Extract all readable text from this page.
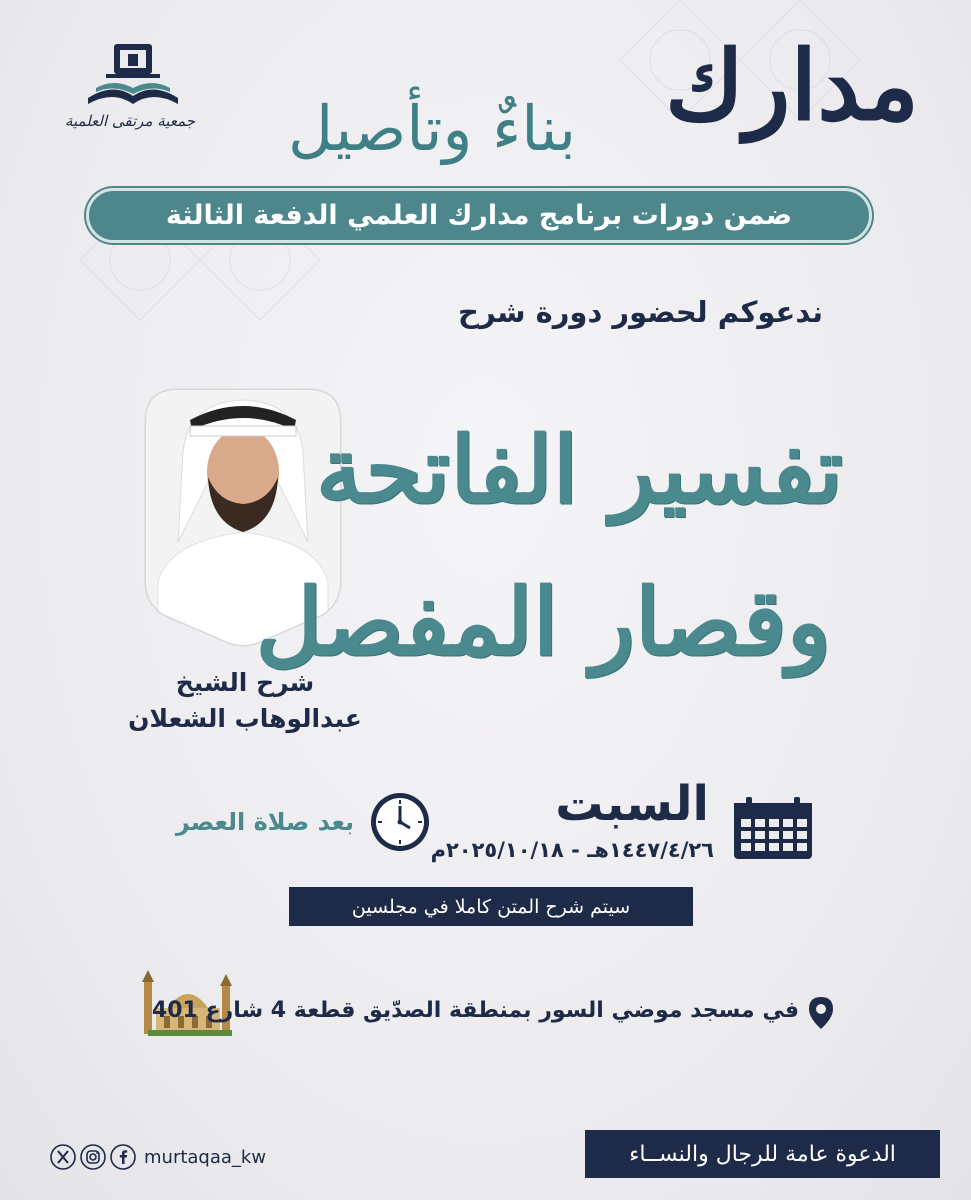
جمعية مرتقى العلمية	مدارك
بناءٌ وتأصيل
ضمن دورات برنامج مدارك العلمي الدفعة الثالثة
ندعوكم لحضور دورة شرح
شرح الشيخ
عبدالوهاب الشعلان
تفسير الفاتحة
وقصار المفصل
السبت
١٤٤٧/٤/٢٦هـ - ٢٠٢٥/١٠/١٨م
بعد صلاة العصر
سيتم شرح المتن كاملا في مجلسين
في مسجد موضي السور بمنطقة الصدّيق قطعة 4 شارع 401
murtaqaa_kw	الدعوة عامة للرجال والنســاء
